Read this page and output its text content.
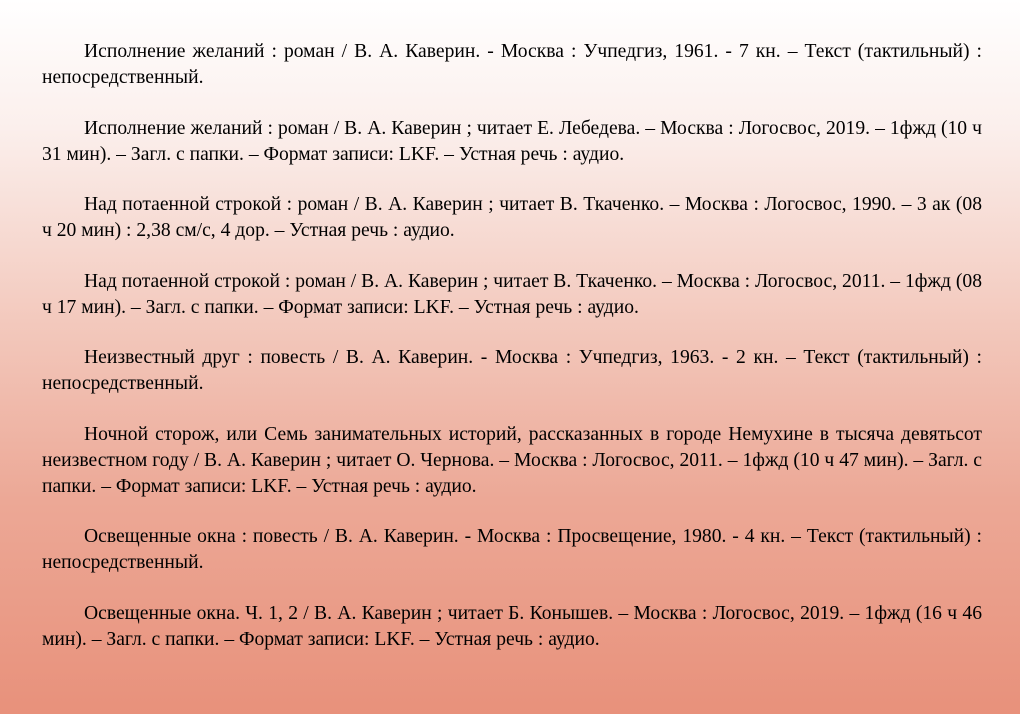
Исполнение желаний : роман / В. А. Каверин. - Москва : Учпедгиз, 1961. - 7 кн. – Текст (тактильный) : непосредственный.

Исполнение желаний : роман / В. А. Каверин ; читает Е. Лебедева. – Москва : Логосвос, 2019. – 1фжд (10 ч 31 мин). – Загл. с папки. – Формат записи: LKF. – Устная речь : аудио.

Над потаенной строкой : роман / В. А. Каверин ; читает В. Ткаченко. – Москва : Логосвос, 1990. – 3 ак (08 ч 20 мин) : 2,38 см/с, 4 дор. – Устная речь : аудио.

Над потаенной строкой : роман / В. А. Каверин ; читает В. Ткаченко. – Москва : Логосвос, 2011. – 1фжд (08 ч 17 мин). – Загл. с папки. – Формат записи: LKF. – Устная речь : аудио.

Неизвестный друг : повесть / В. А. Каверин. - Москва : Учпедгиз, 1963. - 2 кн. – Текст (тактильный) : непосредственный.

Ночной сторож, или Семь занимательных историй, рассказанных в городе Немухине в тысяча девятьсот неизвестном году / В. А. Каверин ; читает О. Чернова. – Москва : Логосвос, 2011. – 1фжд (10 ч 47 мин). – Загл. с папки. – Формат записи: LKF. – Устная речь : аудио.

Освещенные окна : повесть / В. А. Каверин. - Москва : Просвещение, 1980. - 4 кн. – Текст (тактильный) : непосредственный.

Освещенные окна. Ч. 1, 2 / В. А. Каверин ; читает Б. Конышев. – Москва : Логосвос, 2019. – 1фжд (16 ч 46 мин). – Загл. с папки. – Формат записи: LKF. – Устная речь : аудио.
